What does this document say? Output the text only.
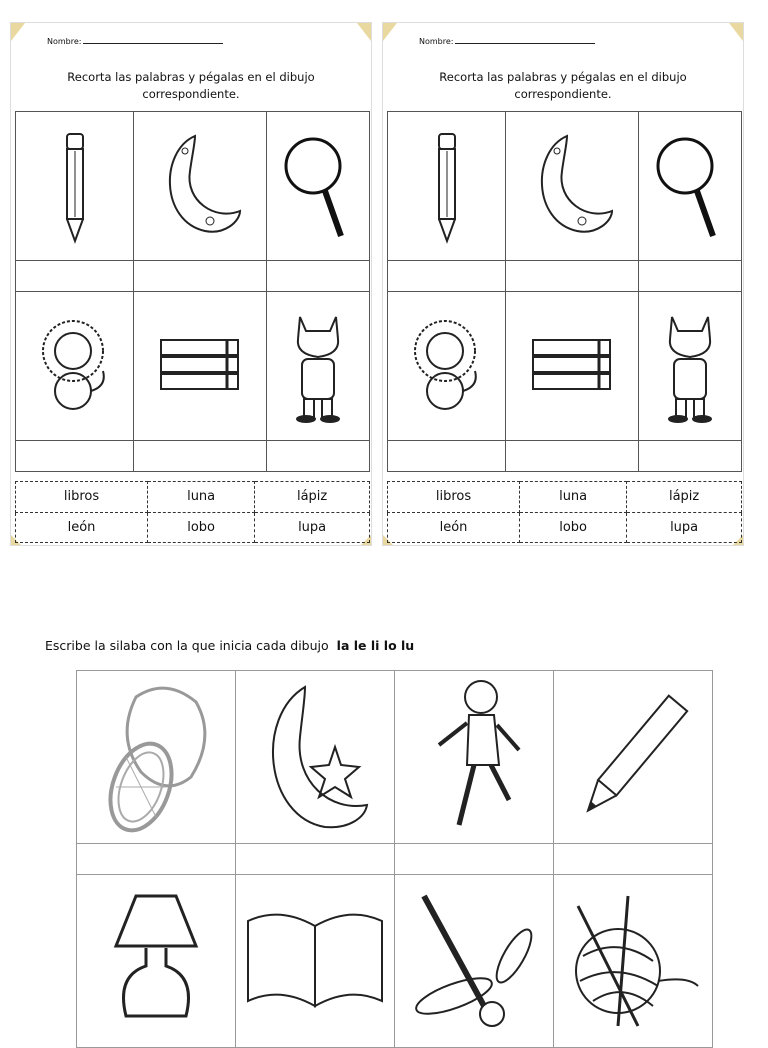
Nombre:
Recorta las palabras y pégalas en el dibujo
correspondiente.

libros	luna	lápiz
león	lobo	lupa
Nombre:
Recorta las palabras y pégalas en el dibujo
correspondiente.

libros	luna	lápiz
león	lobo	lupa
Escribe la silaba con la que inicia cada dibujo la le li lo lu
